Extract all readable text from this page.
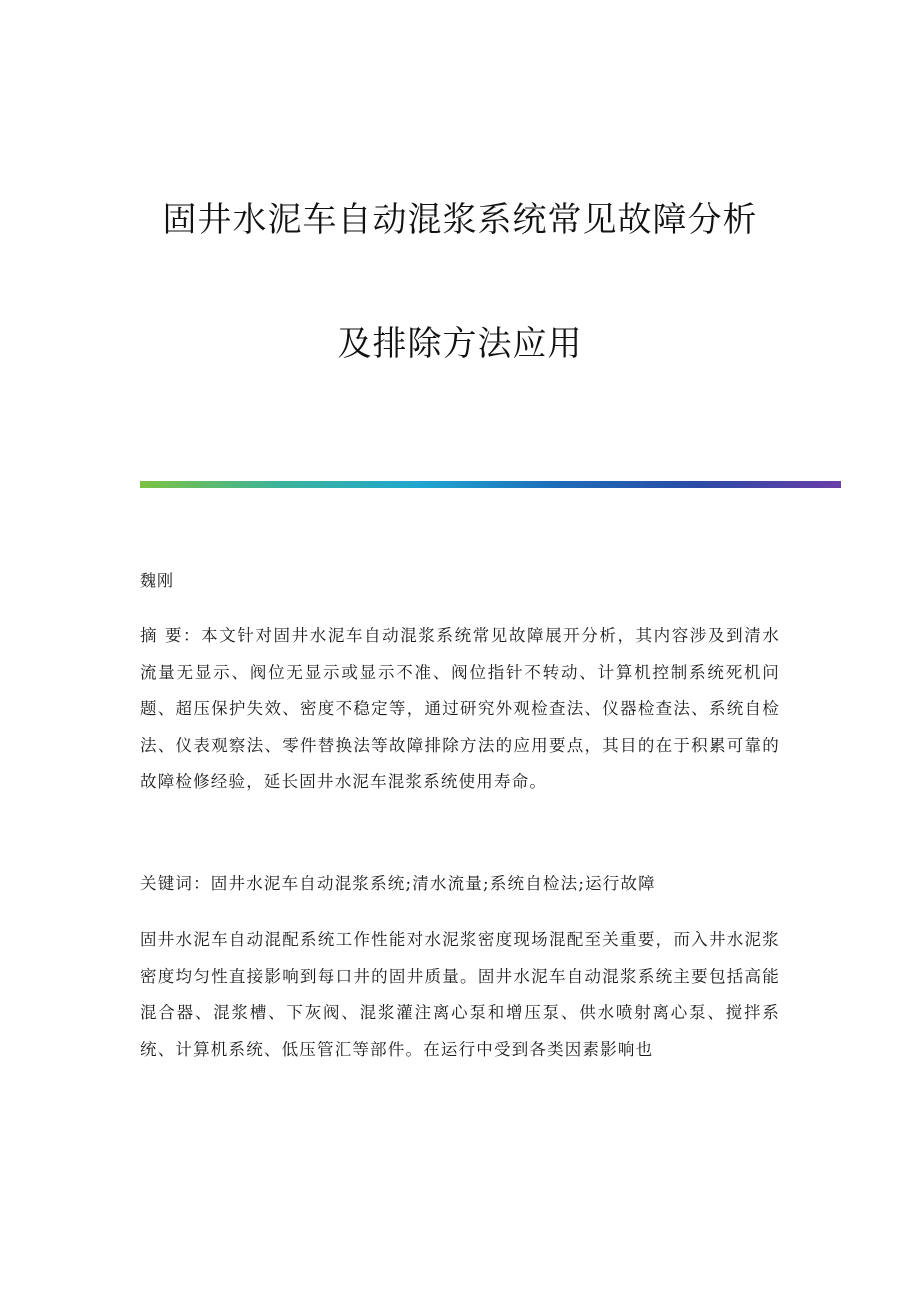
固井水泥车自动混浆系统常见故障分析
及排除方法应用
魏刚
摘 要：本文针对固井水泥车自动混浆系统常见故障展开分析，其内容涉及到清水流量无显示、阀位无显示或显示不准、阀位指针不转动、计算机控制系统死机问题、超压保护失效、密度不稳定等，通过研究外观检查法、仪器检查法、系统自检法、仪表观察法、零件替换法等故障排除方法的应用要点，其目的在于积累可靠的故障检修经验，延长固井水泥车混浆系统使用寿命。
关键词：固井水泥车自动混浆系统;清水流量;系统自检法;运行故障
固井水泥车自动混配系统工作性能对水泥浆密度现场混配至关重要，而入井水泥浆密度均匀性直接影响到每口井的固井质量。固井水泥车自动混浆系统主要包括高能混合器、混浆槽、下灰阀、混浆灌注离心泵和增压泵、供水喷射离心泵、搅拌系统、计算机系统、低压管汇等部件。在运行中受到各类因素影响也
